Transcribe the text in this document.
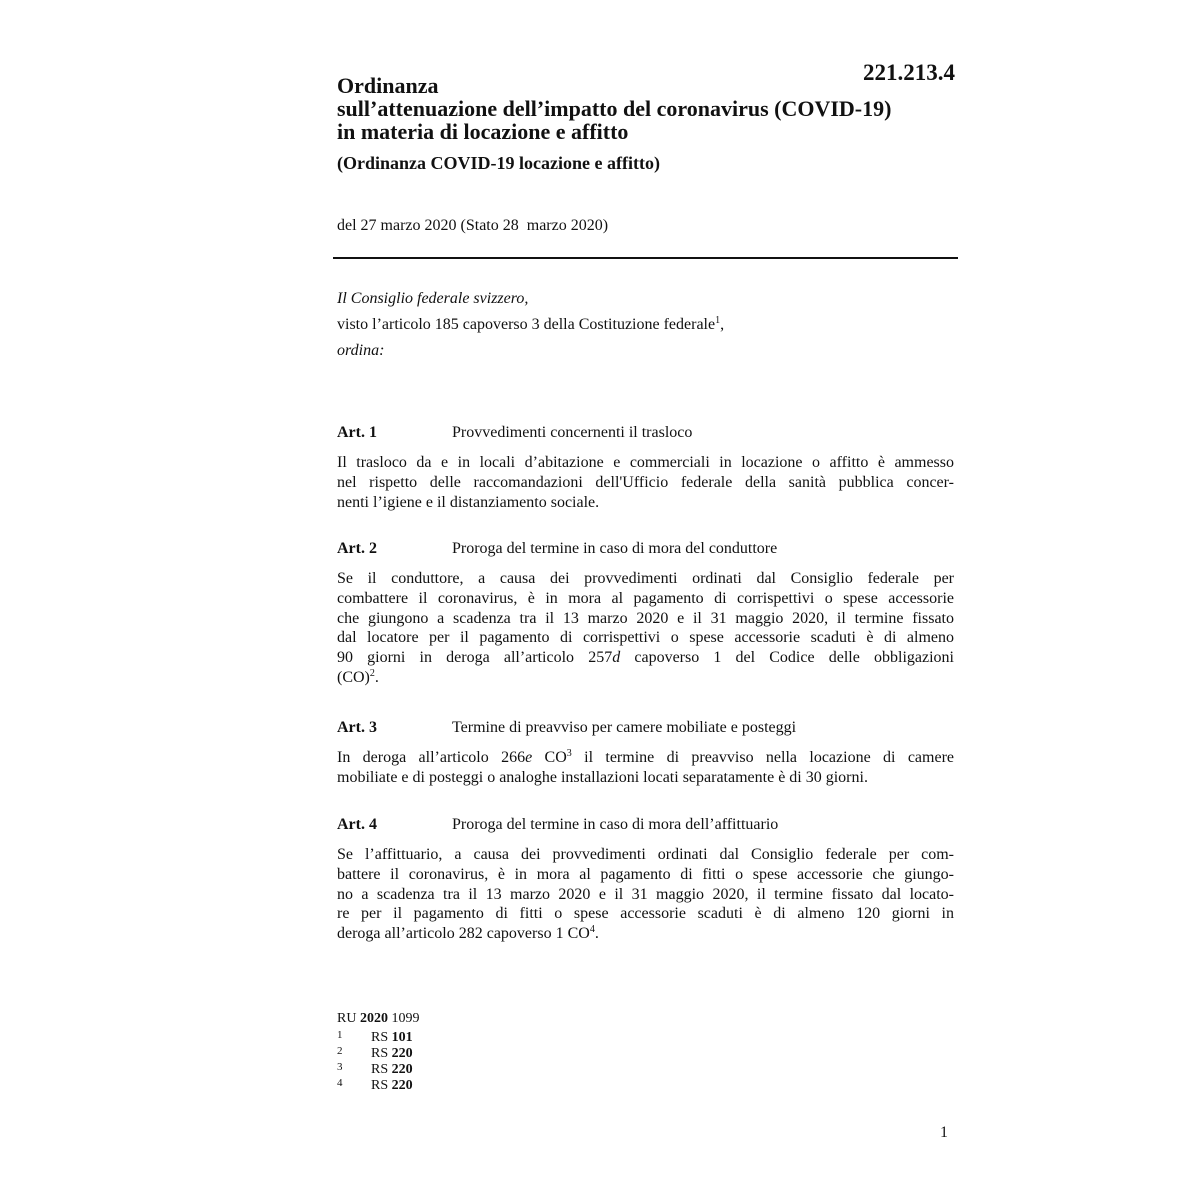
221.213.4
Ordinanza
sull’attenuazione dell’impatto del coronavirus (COVID-19)
in materia di locazione e affitto
(Ordinanza COVID-19 locazione e affitto)
del 27 marzo 2020 (Stato 28  marzo 2020)
Il Consiglio federale svizzero,
visto l’articolo 185 capoverso 3 della Costituzione federale$^1$,
ordina:
Art. 1	Provvedimenti concernenti il trasloco
Il trasloco da e in locali d’abitazione e commerciali in locazione o affitto è ammesso
nel rispetto delle raccomandazioni dell'Ufficio federale della sanità pubblica concer-
nenti l’igiene e il distanziamento sociale.
Art. 2	Proroga del termine in caso di mora del conduttore
Se il conduttore, a causa dei provvedimenti ordinati dal Consiglio federale per
combattere il coronavirus, è in mora al pagamento di corrispettivi o spese accessorie
che giungono a scadenza tra il 13 marzo 2020 e il 31 maggio 2020, il termine fissato
dal locatore per il pagamento di corrispettivi o spese accessorie scaduti è di almeno
90 giorni in deroga all’articolo 257d capoverso 1 del Codice delle obbligazioni
(CO)$^2$.
Art. 3	Termine di preavviso per camere mobiliate e posteggi
In deroga all’articolo 266e $CO^3$ il termine di preavviso nella locazione di camere
mobiliate e di posteggi o analoghe installazioni locati separatamente è di 30 giorni.
Art. 4	Proroga del termine in caso di mora dell’affittuario
Se l’affittuario, a causa dei provvedimenti ordinati dal Consiglio federale per com-
battere il coronavirus, è in mora al pagamento di fitti o spese accessorie che giungo-
no a scadenza tra il 13 marzo 2020 e il 31 maggio 2020, il termine fissato dal locato-
re per il pagamento di fitti o spese accessorie scaduti è di almeno 120 giorni in
deroga all’articolo 282 capoverso 1 $CO^4$.
RU 2020 1099
1	RS 101
2	RS 220
3	RS 220
4	RS 220
1
